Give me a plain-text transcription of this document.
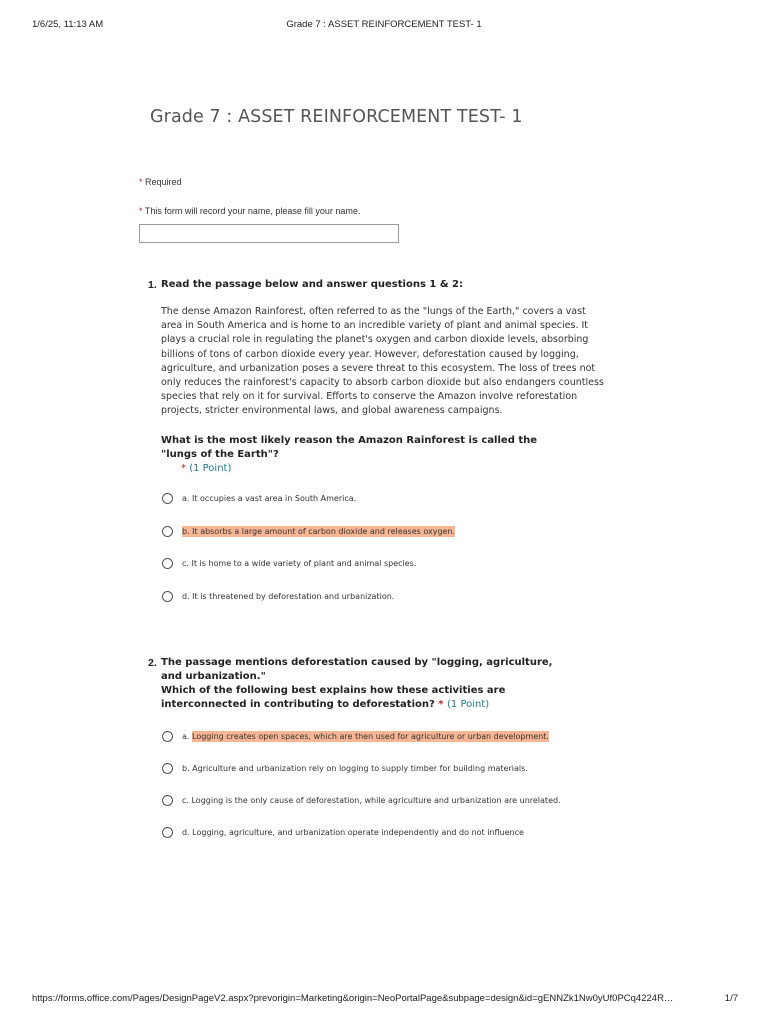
1/6/25, 11:13 AM	Grade 7 : ASSET REINFORCEMENT TEST- 1
Grade 7 : ASSET REINFORCEMENT TEST- 1
* Required
* This form will record your name, please fill your name.
1. Read the passage below and answer questions 1 & 2:
The dense Amazon Rainforest, often referred to as the "lungs of the Earth," covers a vast area in South America and is home to an incredible variety of plant and animal species. It plays a crucial role in regulating the planet's oxygen and carbon dioxide levels, absorbing billions of tons of carbon dioxide every year. However, deforestation caused by logging, agriculture, and urbanization poses a severe threat to this ecosystem. The loss of trees not only reduces the rainforest's capacity to absorb carbon dioxide but also endangers countless species that rely on it for survival. Efforts to conserve the Amazon involve reforestation projects, stricter environmental laws, and global awareness campaigns.
What is the most likely reason the Amazon Rainforest is called the "lungs of the Earth"?
* (1 Point)
a. It occupies a vast area in South America.
b. It absorbs a large amount of carbon dioxide and releases oxygen.
c. It is home to a wide variety of plant and animal species.
d. It is threatened by deforestation and urbanization.
2. The passage mentions deforestation caused by "logging, agriculture, and urbanization."
Which of the following best explains how these activities are interconnected in contributing to deforestation? * (1 Point)
a. Logging creates open spaces, which are then used for agriculture or urban development.
b. Agriculture and urbanization rely on logging to supply timber for building materials.
c. Logging is the only cause of deforestation, while agriculture and urbanization are unrelated.
d. Logging, agriculture, and urbanization operate independently and do not influence
https://forms.office.com/Pages/DesignPageV2.aspx?prevorigin=Marketing&origin=NeoPortalPage&subpage=design&id=gENNZk1Nw0yUf0PCq4224R…	1/7
